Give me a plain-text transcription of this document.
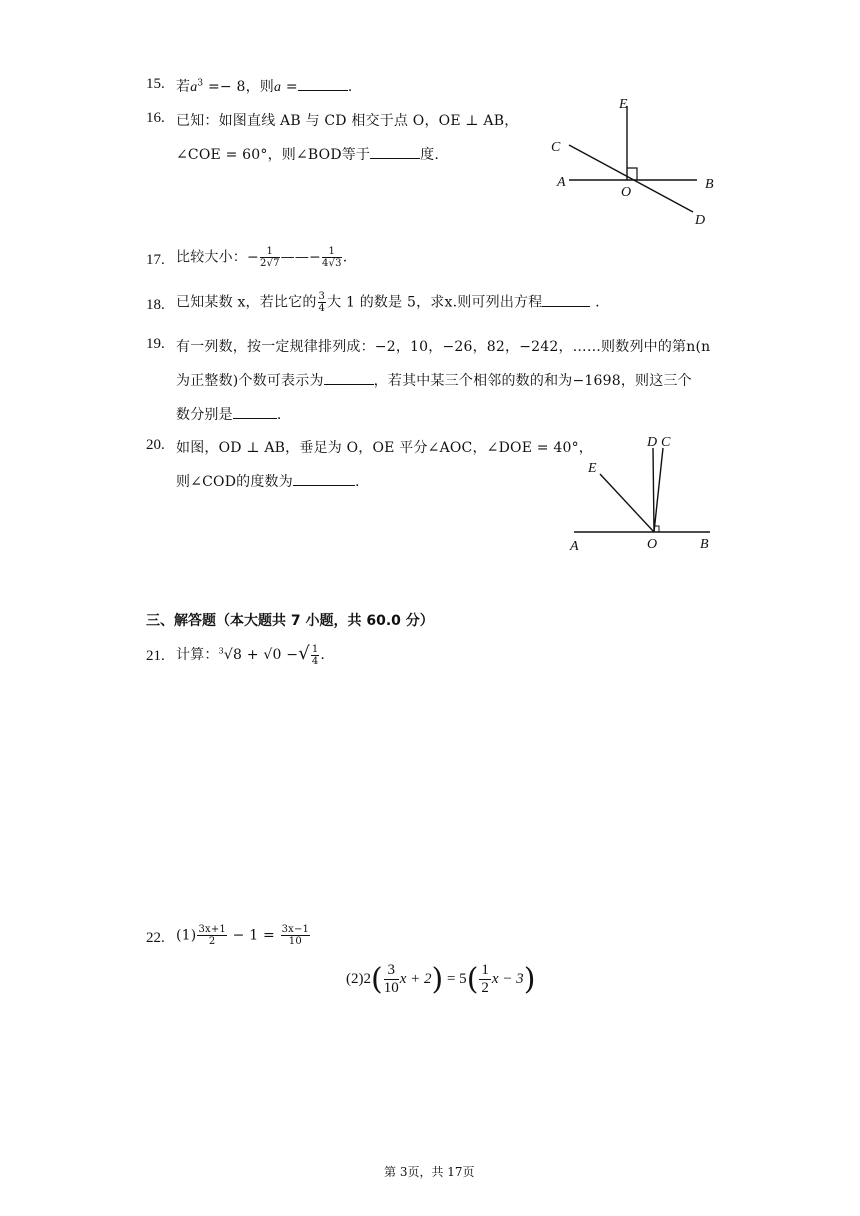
15. 若$a^3 =- 8$，则a =	.
16. 已知：如图直线 AB 与 CD 相交于点 O，OE ⊥ AB，
∠COE = 60°，则∠BOD等于	度.
E
C
A
O
B
D
17. 比较大小：− $\frac{1}{2√7}$ ——− $\frac{1}{4√3}$ .
18. 已知某数 x，若比它的 $\frac{3}{4}$ 大 1 的数是 5，求x.则可列出方程	.
19. 有一列数，按一定规律排列成：−2，10，−26，82，−242，……则数列中的第n(n
为正整数)个数可表示为	，若其中某三个相邻的数的和为−1698，则这三个
数分别是	.
20. 如图，OD ⊥ AB，垂足为 O，OE 平分∠AOC，∠DOE = 40°，
则∠COD的度数为	.
D C
E
A	O	B
三、解答题（本大题共 7 小题，共 60.0 分）
21. 计算：$^3$√8 + √0 −√ $\frac{1}{4}$ .
22. $(1) \frac{3x+1}{2} - 1 = \frac{3x-1}{10}$
$(2)2( \frac{3}{10}$ $x + 2) = 5( \frac{1}{2}$ x − 3)
第 3页，共 17页
